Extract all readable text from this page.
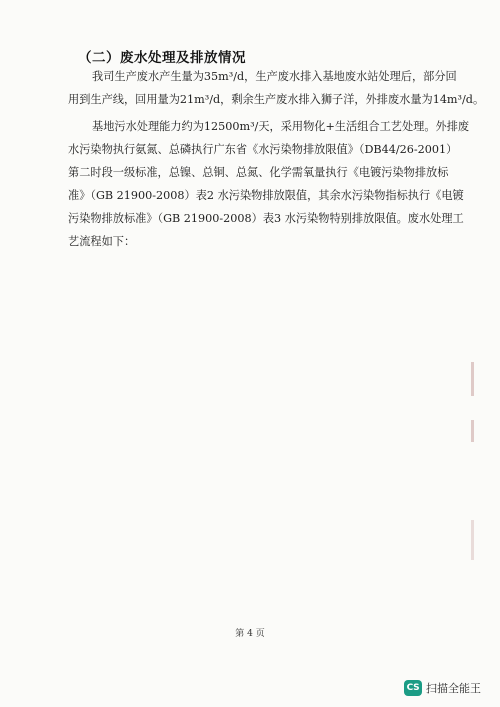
（二）废水处理及排放情况
我司生产废水产生量为35m³/d，生产废水排入基地废水站处理后，部分回
用到生产线，回用量为21m³/d，剩余生产废水排入狮子洋，外排废水量为14m³/d。
基地污水处理能力约为12500m³/天，采用物化+生活组合工艺处理。外排废
水污染物执行氨氮、总磷执行广东省《水污染物排放限值》（DB44/26-2001）
第二时段一级标准，总镍、总铜、总氮、化学需氧量执行《电镀污染物排放标
准》（GB 21900-2008）表2 水污染物排放限值，其余水污染物指标执行《电镀
污染物排放标准》（GB 21900-2008）表3 水污染物特别排放限值。废水处理工
艺流程如下：
第 4 页
CS 扫描全能王
